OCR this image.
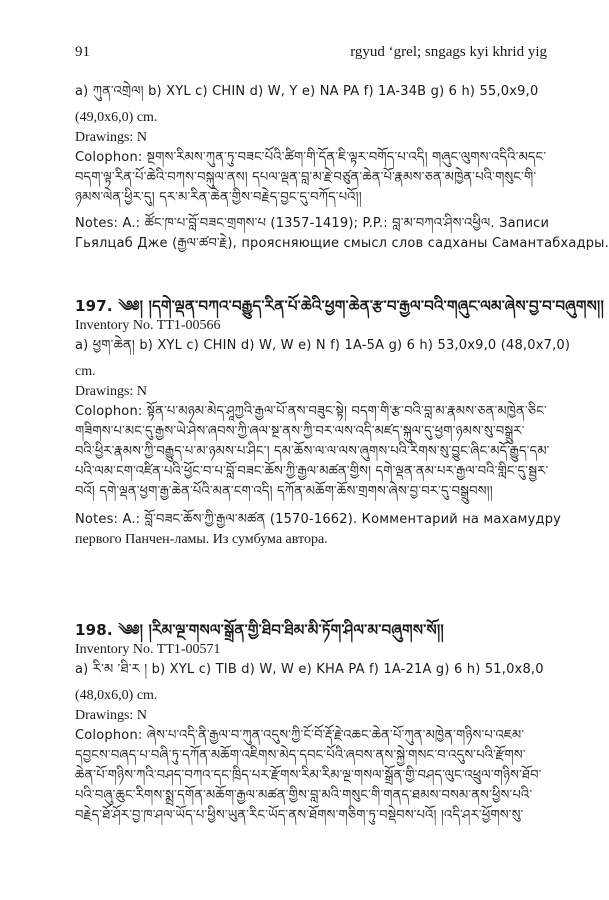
91	rgyud ‘grel; sngags kyi khrid yig
a) ཀུན་འགྲེལ། b) XYL c) CHIN d) W, Y e) NA PA f) 1A-34B g) 6 h) 55,0x9,0
(49,0x6,0) cm.
Drawings: N
Colophon: སྔགས་རིམས་ཀུན་ཏུ་བཟང་པོའི་ཚིག་གི་དོན་ཇི་ལྟར་བགོད་པ་འདི། གཞུང་ལུགས་འདིའི་མདང་
བདག་ལྟ་རིན་པོ་ཆེའི་བཀས་བསྐུལ་ནས། དཔལ་ལྡན་བླ་མ་རྗེ་བཙུན་ཆེན་པོ་རྣམས་ཅན་མཁྱེན་པའི་གསུང་གི་
ཉམས་ལེན་ཕྱིར་དུ། དར་མ་རིན་ཆེན་གྱིས་བརྗེད་བྱང་དུ་བཀོད་པའོ།།
Notes: A.: ཚོང་ཁ་པ་བློ་བཟང་གྲགས་པ (1357-1419); P.P.: བླ་མ་བཀའ་ཤིས་འཕྱིལ. Записи
Гьялцаб Дже (རྒྱལ་ཚབ་རྗེ), проясняющие смысл слов садханы Самантабхадры.
197. ༄༅། །དགེ་ལྡན་བཀའ་བརྒྱུད་རིན་པོ་ཆེའི་ཕྱག་ཆེན་རྩ་བ་རྒྱལ་བའི་གཞུང་ལམ་ཞེས་བྱ་བ་བཞུགས།།
Inventory No. TT1-00566
a) ཕྱག་ཆེན། b) XYL c) CHIN d) W, W e) N f) 1A-5A g) 6 h) 53,0x9,0 (48,0x7,0)
cm.
Drawings: N
Colophon: སྟོན་པ་མཉམ་མེད་ཤཱཀྱའི་རྒྱལ་པོ་ནས་བཟུང་སྟེ། བདག་གི་རྩ་བའི་བླ་མ་རྣམས་ཅན་མཁྱེན་ཅིང་
གཟིགས་པ་མང་དུ་རྒྱས་ཡེ་ཤེས་ཞབས་ཀྱི་ཞལ་སྔ་ནས་ཀྱི་བར་ལས་འདི་མཛད་སྐུལ་དུ་ཕྱག་ཉམས་སུ་བསྒྲུར་
བའི་ཕྱིར་རྣམས་ཀྱི་བརྒྱུད་པ་མ་ཉམས་པ་ཤིང་། དམ་ཆོས་ལ་ལ་ལས་ཞུགས་པའི་རིགས་སུ་བྱུང་ཞིང་མདོ་རྒྱུད་དམ་
པའི་ལམ་ངག་འཛིན་པའི་ཕྱོང་བ་པ་བློ་བཟང་ཆོས་ཀྱི་རྒྱལ་མཚན་གྱིས། དགེ་ལྡན་ནམ་པར་རྒྱལ་བའི་གླིང་དུ་སྦྱར་
བའོ། དགེ་ལྡན་ཕྱག་རྒྱ་ཆེན་པོའི་མན་ངག་འདི། དཀོན་མཆོག་ཆོས་གྲགས་ཞེས་བྱ་བར་དུ་བསྒྲུབས།།
Notes: A.: བློ་བཟང་ཆོས་ཀྱི་རྒྱལ་མཚན (1570-1662). Комментарий на махамудру
первого Панчен-ламы. Из сумбума автора.
198. ༄༅། །རིམ་ལྔ་གསལ་སྒྲོན་གྱི་ཐིབ་ཐིམ་མི་ཏོག་ཤིལ་མ་བཞུགས་སོ།།
Inventory No. TT1-00571
a) རི་མ ་ཐི་ར ། b) XYL c) TIB d) W, W e) KHA PA f) 1A-21A g) 6 h) 51,0x8,0
(48,0x6,0) cm.
Drawings: N
Colophon: ཞེས་པ་འདི་ནི་རྒྱལ་བ་ཀུན་འདུས་ཀྱི་ངོ་བོ་རྡོ་རྗེ་འཆང་ཆེན་པོ་ཀུན་མཁྱེན་གཉིས་པ་འཇམ་
དབྱངས་བཞད་པ་བཞི་ཏུ་དཀོན་མཆོག་འཇིགས་མེད་དབང་པོའི་ཞབས་ནས་སྐྱེ་གསང་བ་འདུས་པའི་རྫོགས་
ཆེན་པོ་གཉིས་ཀའི་བཤད་བཀའ་དང་ཁྲིད་པར་རྫོགས་རིམ་རིམ་ལྔ་གསལ་སྒྲོན་གྱི་བཤད་ལུང་འཕྲུལ་གཉིས་ཐོབ་
པའི་བཞུ་ཆུང་རིགས་སྨྲ་དགོན་མཆོག་རྒྱལ་མཚན་གྱིས་བླ་མའི་གསུང་གི་གནད་ཐམས་བསམ་ནས་ཕྱིས་པའི་
བརྗེད་ཐོ་ཤོར་བྱ་ཁ་ཤལ་ཡོད་པ་ཕྱིས་ཡུན་རིང་ཡོད་ནས་ཐོགས་གཅིག་ཏུ་བསྡེབས་པའོ། །འདི་ཤར་ཕྱོགས་སུ་
